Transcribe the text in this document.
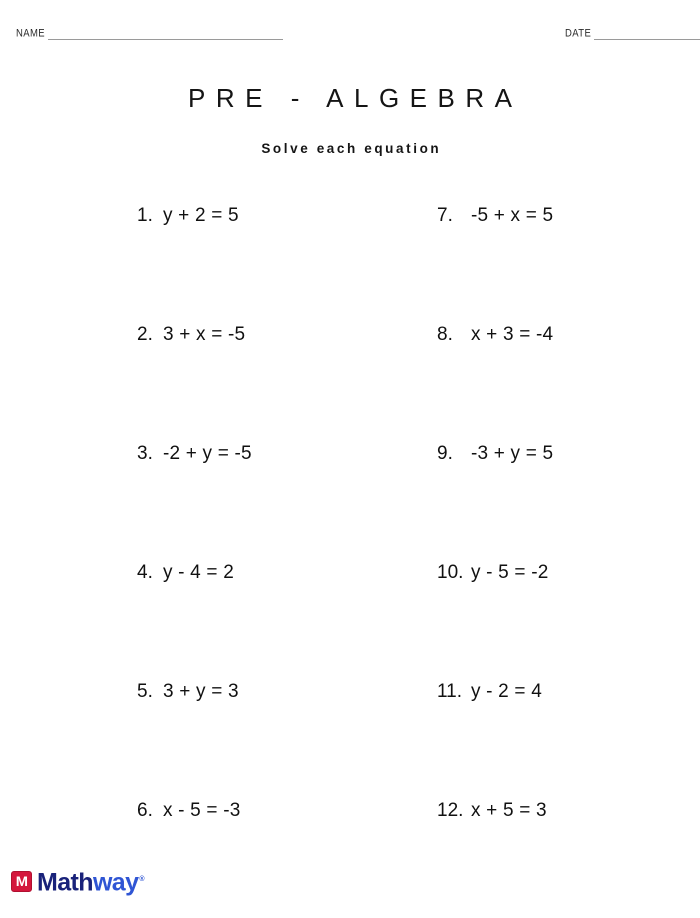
NAME	DATE
PRE - ALGEBRA
Solve each equation
1. y + 2 = 5
2. 3 + x = -5
3. -2 + y = -5
4. y - 4 = 2
5. 3 + y = 3
6. x - 5 = -3
7. -5 + x = 5
8. x + 3 = -4
9. -3 + y = 5
10. y - 5 = -2
11. y - 2 = 4
12. x + 5 = 3
M Mathway®
